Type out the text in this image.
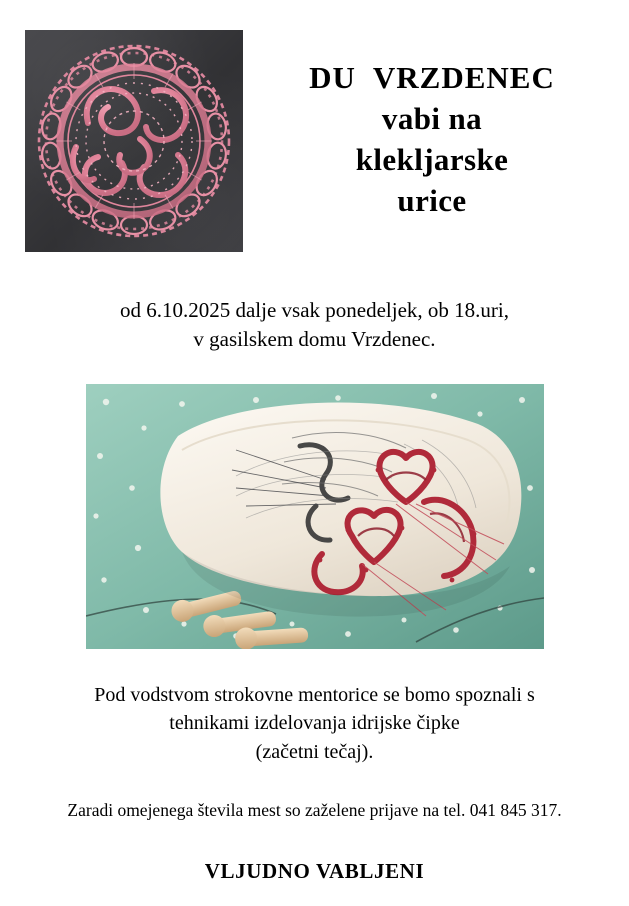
DU  VRZDENEC
vabi na
klekljarske
urice
od 6.10.2025 dalje vsak ponedeljek, ob 18.uri,
v gasilskem domu Vrzdenec.
Pod vodstvom strokovne mentorice se bomo spoznali s
tehnikami izdelovanja idrijske čipke
(začetni tečaj).
Zaradi omejenega števila mest so zaželene prijave na tel. 041 845 317.
VLJUDNO VABLJENI
